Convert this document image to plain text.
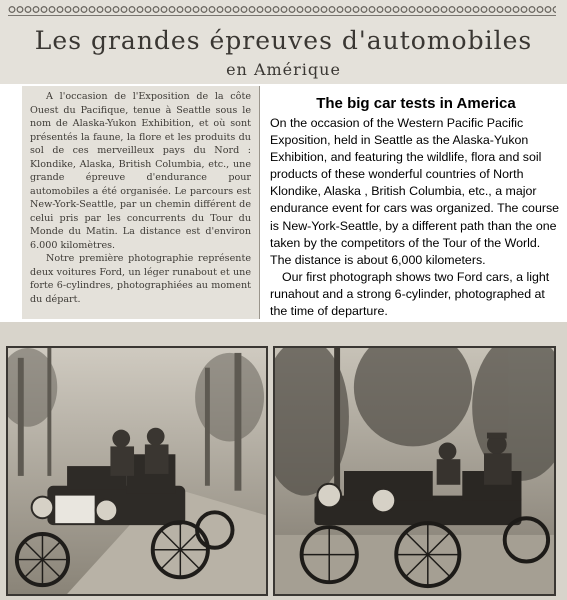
Les grandes épreuves d'automobiles
en Amérique

A l'occasion de l'Exposition de la côte Ouest du Pacifique, tenue à Seattle sous le nom de Alaska-Yukon Exhibition, et où sont présentés la faune, la flore et les produits du sol de ces merveilleux pays du Nord : Klondike, Alaska, British Columbia, etc., une grande épreuve d'endurance pour automobiles a été organisée. Le parcours est New-York-Seattle, par un chemin différent de celui pris par les concurrents du Tour du Monde du Matin. La distance est d'environ 6.000 kilomètres.

Notre première photographie représente deux voitures Ford, un léger runabout et une forte 6-cylindres, photographiées au moment du départ.

The big car tests in America

On the occasion of the Western Pacific Pacific Exposition, held in Seattle as the Alaska-Yukon Exhibition, and featuring the wildlife, flora and soil products of these wonderful countries of North Klondike, Alaska , British Columbia, etc., a major endurance event for cars was organized. The course is New-York-Seattle, by a different path than the one taken by the competitors of the Tour of the World. The distance is about 6,000 kilometers.

Our first photograph shows two Ford cars, a light runahout and a strong 6-cylinder, photographed at the time of departure.
